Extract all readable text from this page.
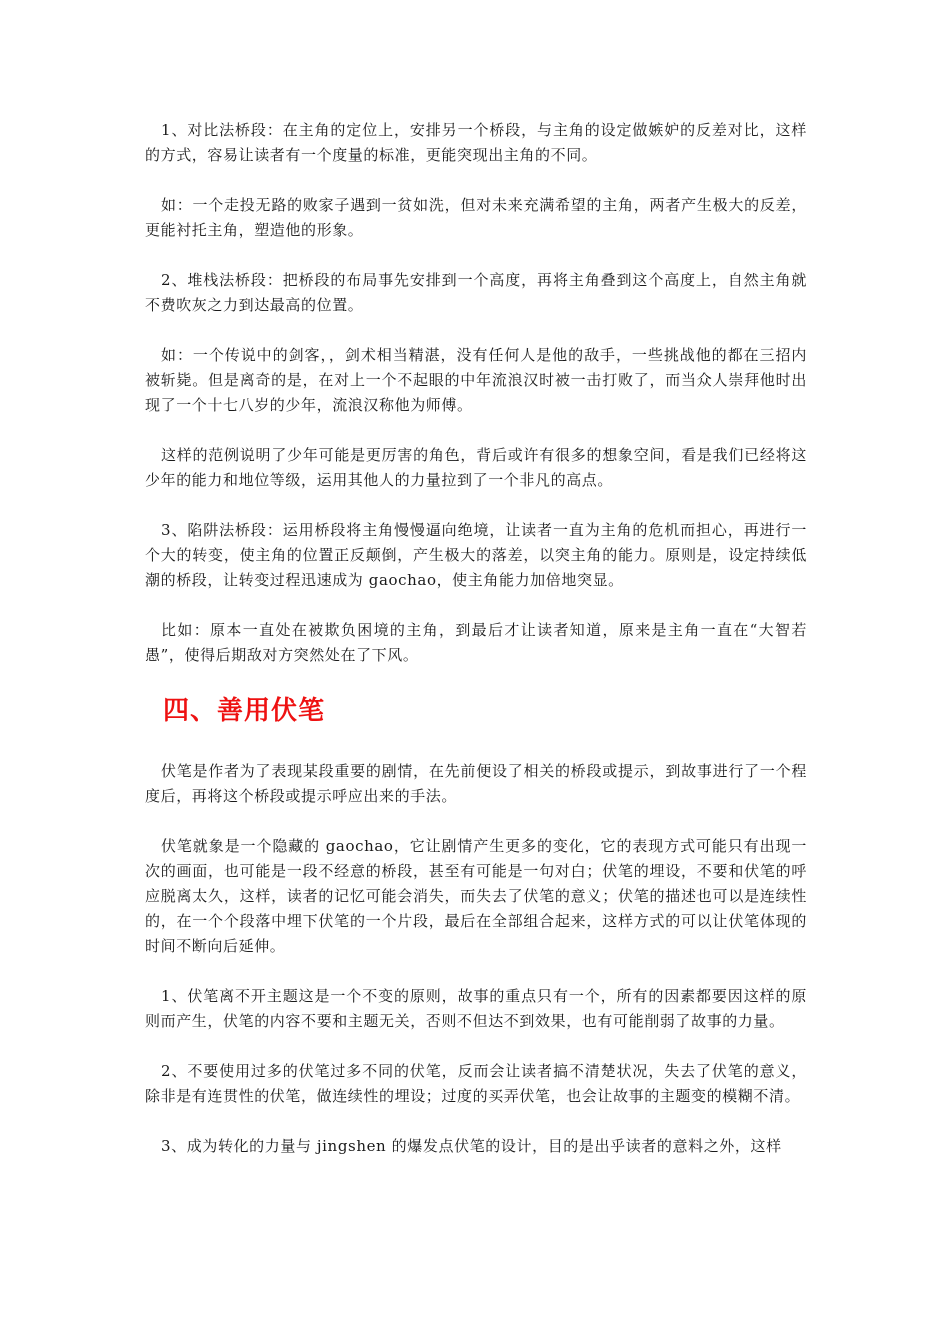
1、对比法桥段：在主角的定位上，安排另一个桥段，与主角的设定做嫉妒的反差对比，这样的方式，容易让读者有一个度量的标准，更能突现出主角的不同。

如：一个走投无路的败家子遇到一贫如洗，但对未来充满希望的主角，两者产生极大的反差，更能衬托主角，塑造他的形象。

2、堆栈法桥段：把桥段的布局事先安排到一个高度，再将主角叠到这个高度上，自然主角就不费吹灰之力到达最高的位置。

如：一个传说中的剑客，，剑术相当精湛，没有任何人是他的敌手，一些挑战他的都在三招内被斩毙。但是离奇的是，在对上一个不起眼的中年流浪汉时被一击打败了，而当众人崇拜他时出现了一个十七八岁的少年，流浪汉称他为师傅。

这样的范例说明了少年可能是更厉害的角色，背后或许有很多的想象空间，看是我们已经将这少年的能力和地位等级，运用其他人的力量拉到了一个非凡的高点。

3、陷阱法桥段：运用桥段将主角慢慢逼向绝境，让读者一直为主角的危机而担心，再进行一个大的转变，使主角的位置正反颠倒，产生极大的落差，以突主角的能力。原则是，设定持续低潮的桥段，让转变过程迅速成为 gaochao，使主角能力加倍地突显。

比如：原本一直处在被欺负困境的主角，到最后才让读者知道，原来是主角一直在“大智若愚”，使得后期敌对方突然处在了下风。

四、善用伏笔

伏笔是作者为了表现某段重要的剧情，在先前便设了相关的桥段或提示，到故事进行了一个程度后，再将这个桥段或提示呼应出来的手法。

伏笔就象是一个隐藏的 gaochao，它让剧情产生更多的变化，它的表现方式可能只有出现一次的画面，也可能是一段不经意的桥段，甚至有可能是一句对白；伏笔的埋设，不要和伏笔的呼应脱离太久，这样，读者的记忆可能会消失，而失去了伏笔的意义；伏笔的描述也可以是连续性的，在一个个段落中埋下伏笔的一个片段，最后在全部组合起来，这样方式的可以让伏笔体现的时间不断向后延伸。

1、伏笔离不开主题这是一个不变的原则，故事的重点只有一个，所有的因素都要因这样的原则而产生，伏笔的内容不要和主题无关，否则不但达不到效果，也有可能削弱了故事的力量。

2、不要使用过多的伏笔过多不同的伏笔，反而会让读者搞不清楚状况，失去了伏笔的意义，除非是有连贯性的伏笔，做连续性的埋设；过度的买弄伏笔，也会让故事的主题变的模糊不清。

3、成为转化的力量与 jingshen 的爆发点伏笔的设计，目的是出乎读者的意料之外，这样
